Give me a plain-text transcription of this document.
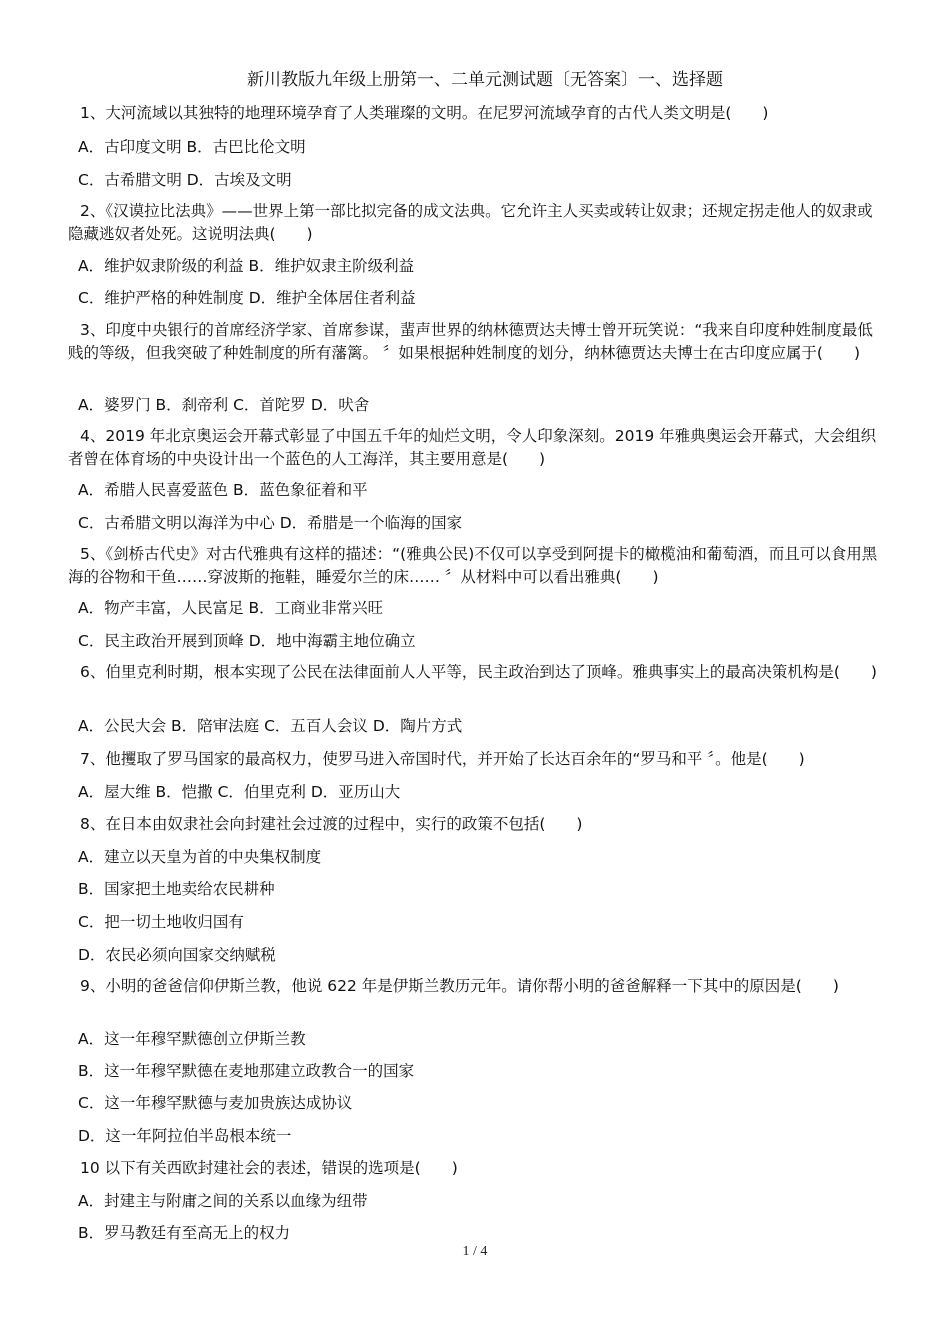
新川教版九年级上册第一、二单元测试题〔无答案〕一、选择题
1、大河流域以其独特的地理环境孕育了人类璀璨的文明。在尼罗河流域孕育的古代人类文明是(　　)
A．古印度文明 B．古巴比伦文明
C．古希腊文明 D．古埃及文明
2、《汉谟拉比法典》——世界上第一部比拟完备的成文法典。它允许主人买卖或转让奴隶；还规定拐走他人的奴隶或隐藏逃奴者处死。这说明法典(　　)
A．维护奴隶阶级的利益 B．维护奴隶主阶级利益
C．维护严格的种姓制度 D．维护全体居住者利益
3、印度中央银行的首席经济学家、首席参谋，蜚声世界的纳林德贾达夫博士曾开玩笑说：“我来自印度种姓制度最低贱的等级，但我突破了种姓制度的所有藩篱。 〞如果根据种姓制度的划分，纳林德贾达夫博士在古印度应属于(　　)
A．婆罗门 B．刹帝利 C．首陀罗 D．吠舍
4、2019 年北京奥运会开幕式彰显了中国五千年的灿烂文明，令人印象深刻。2019 年雅典奥运会开幕式，大会组织者曾在体育场的中央设计出一个蓝色的人工海洋，其主要用意是(　　)
A．希腊人民喜爱蓝色 B．蓝色象征着和平
C．古希腊文明以海洋为中心 D．希腊是一个临海的国家
5、《剑桥古代史》对古代雅典有这样的描述：“(雅典公民)不仅可以享受到阿提卡的橄榄油和葡萄酒，而且可以食用黑海的谷物和干鱼……穿波斯的拖鞋，睡爱尔兰的床…… 〞从材料中可以看出雅典(　　)
A．物产丰富，人民富足 B．工商业非常兴旺
C．民主政治开展到顶峰 D．地中海霸主地位确立
6、伯里克利时期，根本实现了公民在法律面前人人平等，民主政治到达了顶峰。雅典事实上的最高决策机构是(　　)
A．公民大会 B．陪审法庭 C．五百人会议 D．陶片方式
7、他攫取了罗马国家的最高权力，使罗马进入帝国时代，并开始了长达百余年的“罗马和平 〞。他是(　　)
A．屋大维 B．恺撒 C．伯里克利 D．亚历山大
8、在日本由奴隶社会向封建社会过渡的过程中，实行的政策不包括(　　)
A．建立以天皇为首的中央集权制度
B．国家把土地卖给农民耕种
C．把一切土地收归国有
D．农民必须向国家交纳赋税
9、小明的爸爸信仰伊斯兰教，他说 622 年是伊斯兰教历元年。请你帮小明的爸爸解释一下其中的原因是(　　)
A．这一年穆罕默德创立伊斯兰教
B．这一年穆罕默德在麦地那建立政教合一的国家
C．这一年穆罕默德与麦加贵族达成协议
D．这一年阿拉伯半岛根本统一
10 以下有关西欧封建社会的表述，错误的选项是(　　)
A．封建主与附庸之间的关系以血缘为纽带
B．罗马教廷有至高无上的权力
1 / 4
